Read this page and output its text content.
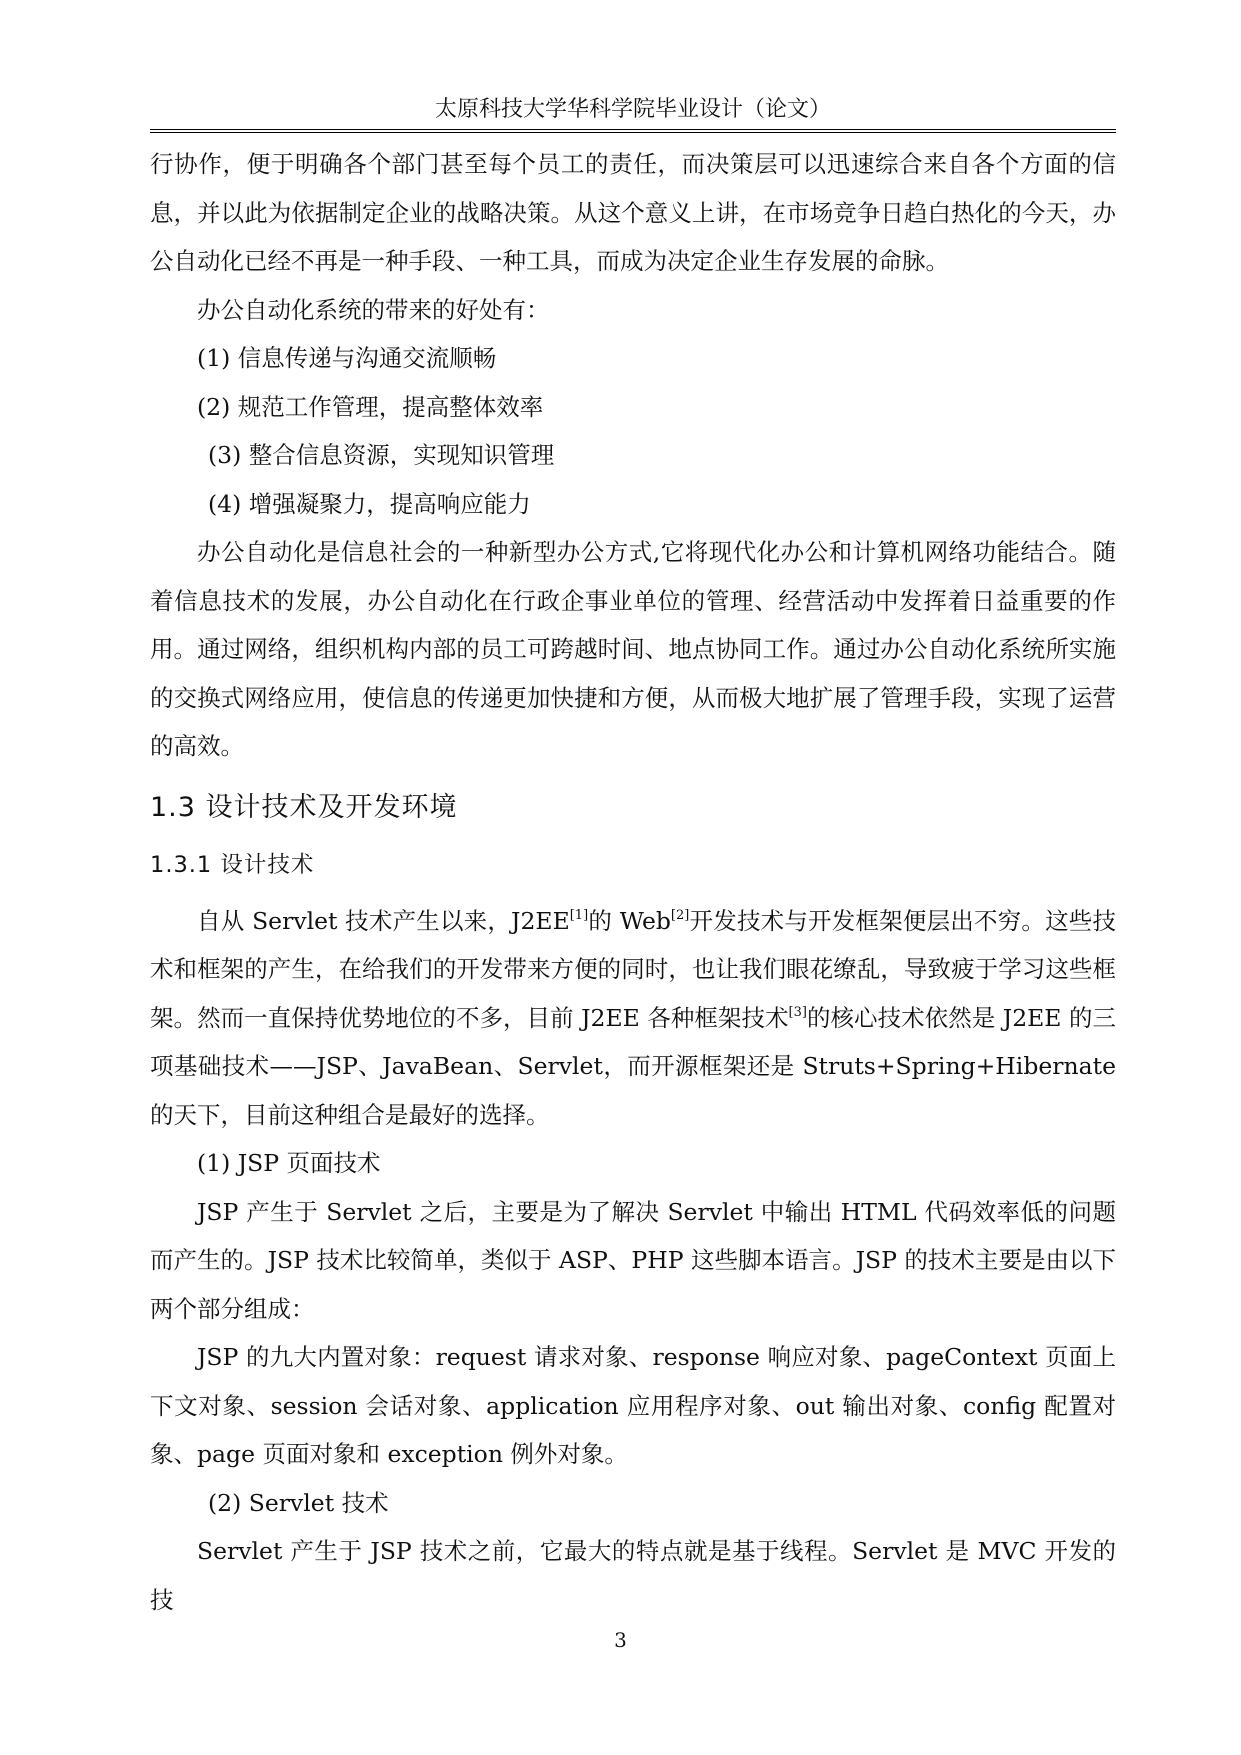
太原科技大学华科学院毕业设计（论文）

行协作，便于明确各个部门甚至每个员工的责任，而决策层可以迅速综合来自各个方面的信息，并以此为依据制定企业的战略决策。从这个意义上讲，在市场竞争日趋白热化的今天，办公自动化已经不再是一种手段、一种工具，而成为决定企业生存发展的命脉。

办公自动化系统的带来的好处有：

(1) 信息传递与沟通交流顺畅

(2) 规范工作管理，提高整体效率

(3) 整合信息资源，实现知识管理

(4) 增强凝聚力，提高响应能力

办公自动化是信息社会的一种新型办公方式,它将现代化办公和计算机网络功能结合。随着信息技术的发展，办公自动化在行政企事业单位的管理、经营活动中发挥着日益重要的作用。通过网络，组织机构内部的员工可跨越时间、地点协同工作。通过办公自动化系统所实施的交换式网络应用，使信息的传递更加快捷和方便，从而极大地扩展了管理手段，实现了运营的高效。

1.3 设计技术及开发环境
1.3.1 设计技术

自从 Servlet 技术产生以来，J2EE[1]的 Web[2]开发技术与开发框架便层出不穷。这些技术和框架的产生，在给我们的开发带来方便的同时，也让我们眼花缭乱，导致疲于学习这些框架。然而一直保持优势地位的不多，目前 J2EE 各种框架技术[3]的核心技术依然是 J2EE 的三项基础技术——JSP、JavaBean、Servlet，而开源框架还是 Struts+Spring+Hibernate 的天下，目前这种组合是最好的选择。

(1) JSP 页面技术

JSP 产生于 Servlet 之后，主要是为了解决 Servlet 中输出 HTML 代码效率低的问题而产生的。JSP 技术比较简单，类似于 ASP、PHP 这些脚本语言。JSP 的技术主要是由以下两个部分组成：

JSP 的九大内置对象：request 请求对象、response 响应对象、pageContext 页面上下文对象、session 会话对象、application 应用程序对象、out 输出对象、config 配置对象、page 页面对象和 exception 例外对象。

(2) Servlet 技术

Servlet 产生于 JSP 技术之前，它最大的特点就是基于线程。Servlet 是 MVC 开发的技

3
